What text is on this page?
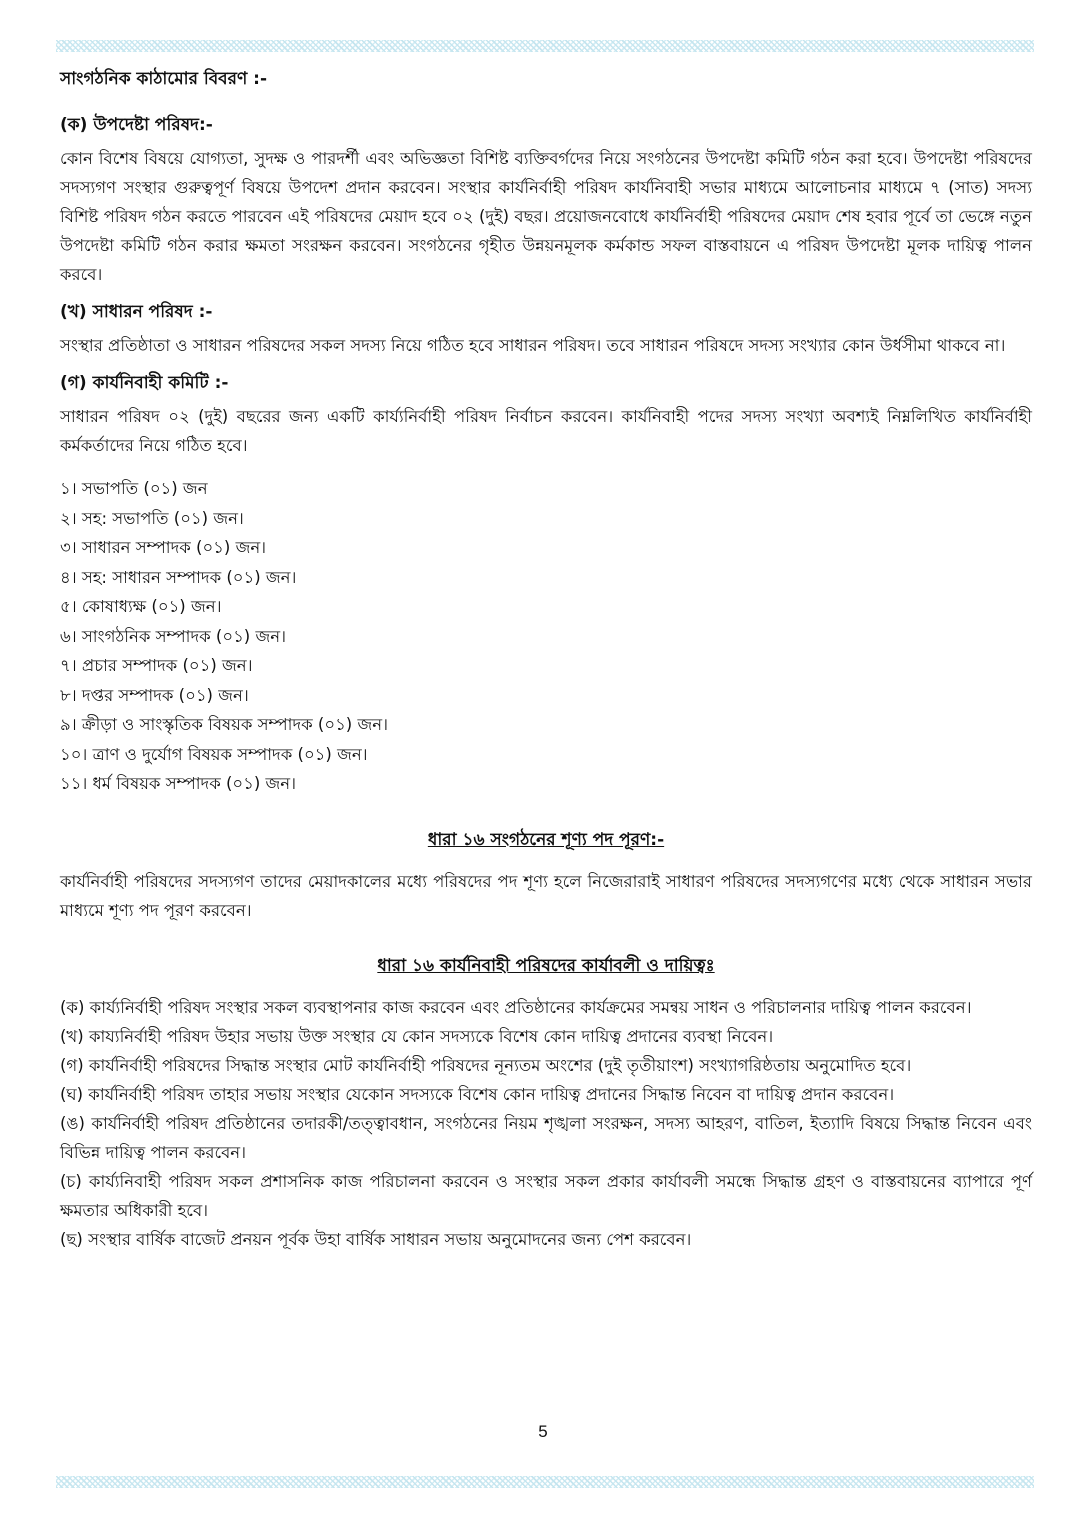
সাংগঠনিক কাঠামোর বিবরণ :-
(ক) উপদেষ্টা পরিষদ:-

কোন বিশেষ বিষয়ে যোগ্যতা, সুদক্ষ ও পারদর্শী এবং অভিজ্ঞতা বিশিষ্ট ব্যক্তিবর্গদের নিয়ে সংগঠনের উপদেষ্টা কমিটি গঠন করা হবে। উপদেষ্টা পরিষদের সদস্যগণ সংস্থার গুরুত্বপূর্ণ বিষয়ে উপদেশ প্রদান করবেন। সংস্থার কার্যনির্বাহী পরিষদ কার্যনিবাহী সভার মাধ্যমে আলোচনার মাধ্যমে ৭ (সাত) সদস্য বিশিষ্ট পরিষদ গঠন করতে পারবেন এই পরিষদের মেয়াদ হবে ০২ (দুই) বছর। প্রয়োজনবোধে কার্যনির্বাহী পরিষদের মেয়াদ শেষ হবার পূর্বে তা ভেঙ্গে নতুন উপদেষ্টা কমিটি গঠন করার ক্ষমতা সংরক্ষন করবেন। সংগঠনের গৃহীত উন্নয়নমূলক কর্মকান্ড সফল বাস্তবায়নে এ পরিষদ উপদেষ্টা মূলক দায়িত্ব পালন করবে।

(খ) সাধারন পরিষদ :-

সংস্থার প্রতিষ্ঠাতা ও সাধারন পরিষদের সকল সদস্য নিয়ে গঠিত হবে সাধারন পরিষদ। তবে সাধারন পরিষদে সদস্য সংখ্যার কোন উর্ধসীমা থাকবে না।

(গ) কার্যনিবাহী কমিটি :-

সাধারন পরিষদ ০২ (দুই) বছরের জন্য একটি কার্য্যনির্বাহী পরিষদ নির্বাচন করবেন। কার্যনিবাহী পদের সদস্য সংখ্যা অবশ্যই নিম্নলিখিত কার্যনির্বাহী কর্মকর্তাদের নিয়ে গঠিত হবে।

১। সভাপতি (০১) জন
২। সহ: সভাপতি (০১) জন।
৩। সাধারন সম্পাদক (০১) জন।
৪। সহ: সাধারন সম্পাদক (০১) জন।
৫। কোষাধ্যক্ষ (০১) জন।
৬। সাংগঠনিক সম্পাদক (০১) জন।
৭। প্রচার সম্পাদক (০১) জন।
৮। দপ্তর সম্পাদক (০১) জন।
৯। ক্রীড়া ও সাংস্কৃতিক বিষয়ক সম্পাদক (০১) জন।
১০। ত্রাণ ও দুর্যোগ বিষয়ক সম্পাদক (০১) জন।
১১। ধর্ম বিষয়ক সম্পাদক (০১) জন।
ধারা ১৬ সংগঠনের শূণ্য পদ পূরণ:-

কার্যনির্বাহী পরিষদের সদস্যগণ তাদের মেয়াদকালের মধ্যে পরিষদের পদ শূণ্য হলে নিজেরারাই সাধারণ পরিষদের সদস্যগণের মধ্যে থেকে সাধারন সভার মাধ্যমে শূণ্য পদ পূরণ করবেন।

ধারা ১৬ কার্যনিবাহী পরিষদের কার্যাবলী ও দায়িত্বঃ

(ক) কার্য্যনির্বাহী পরিষদ সংস্থার সকল ব্যবস্থাপনার কাজ করবেন এবং প্রতিষ্ঠানের কার্যক্রমের সমন্বয় সাধন ও পরিচালনার দায়িত্ব পালন করবেন।

(খ) কায্যনির্বাহী পরিষদ উহার সভায় উক্ত সংস্থার যে কোন সদস্যকে বিশেষ কোন দায়িত্ব প্রদানের ব্যবস্থা নিবেন।

(গ) কার্যনির্বাহী পরিষদের সিদ্ধান্ত সংস্থার মোট কার্যনির্বাহী পরিষদের নূন্যতম অংশের (দুই তৃতীয়াংশ) সংখ্যাগরিষ্ঠতায় অনুমোদিত হবে।

(ঘ) কার্যনির্বাহী পরিষদ তাহার সভায় সংস্থার যেকোন সদস্যকে বিশেষ কোন দায়িত্ব প্রদানের সিদ্ধান্ত নিবেন বা দায়িত্ব প্রদান করবেন।

(ঙ) কার্যনির্বাহী পরিষদ প্রতিষ্ঠানের তদারকী/তত্ত্বাবধান, সংগঠনের নিয়ম শৃঙ্খলা সংরক্ষন, সদস্য আহরণ, বাতিল, ইত্যাদি বিষয়ে সিদ্ধান্ত নিবেন এবং বিভিন্ন দায়িত্ব পালন করবেন।

(চ) কার্য্যনিবাহী পরিষদ সকল প্রশাসনিক কাজ পরিচালনা করবেন ও সংস্থার সকল প্রকার কার্যাবলী সমন্ধে সিদ্ধান্ত গ্রহণ ও বাস্তবায়নের ব্যাপারে পূর্ণ ক্ষমতার অধিকারী হবে।

(ছ) সংস্থার বার্ষিক বাজেট প্রনয়ন পূর্বক উহা বার্ষিক সাধারন সভায় অনুমোদনের জন্য পেশ করবেন।

5
